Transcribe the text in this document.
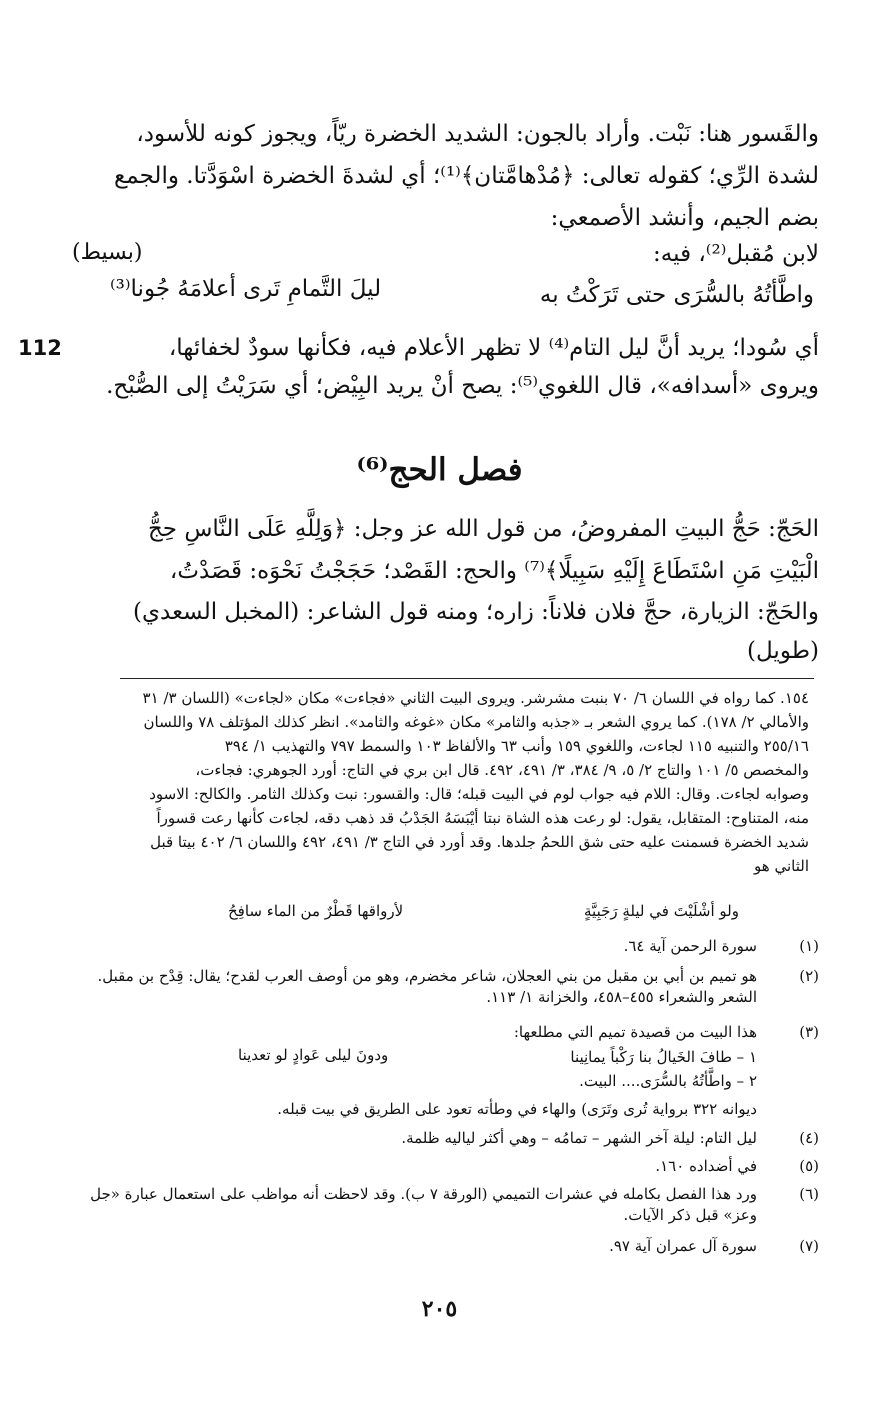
والقَسور هنا: نَبْت. وأراد بالجون: الشديد الخضرة ريّاً، ويجوز كونه للأسود،
لشدة الرِّي؛ كقوله تعالى: ﴿مُدْهامَّتان﴾⁽¹⁾؛ أي لشدةَ الخضرة اسْوَدَّتا. والجمع
بضم الجيم، وأنشد الأصمعي:
لابن مُقبل⁽²⁾، فيه:
(بسيط)
واطَّأتُهُ بالسُّرَى حتى تَرَكْتُ به
ليلَ التَّمامِ تَرى أعلامَهُ جُونا⁽³⁾
أي سُودا؛ يريد أنَّ ليل التام⁽⁴⁾ لا تظهر الأعلام فيه، فكأنها سودٌ لخفائها،
112
ويروى «أسدافه»، قال اللغوي⁽⁵⁾: يصح أنْ يريد البِيْض؛ أي سَرَيْتُ إلى الصُّبْح.
فصل الحج⁽⁶⁾
الحَجّ: حَجُّ البيتِ المفروضُ، من قول الله عز وجل: ﴿وَلِلَّهِ عَلَى النَّاسِ حِجُّ
الْبَيْتِ مَنِ اسْتَطَاعَ إِلَيْهِ سَبِيلًا﴾⁽⁷⁾ والحج: القَصْد؛ حَجَجْتُ نَحْوَه: قَصَدْتُ،
والحَجّ: الزيارة، حجَّ فلان فلاناً: زاره؛ ومنه قول الشاعر: (المخبل السعدي)
(طويل)
١٥٤. كما رواه في اللسان ٦/ ٧٠ بنبت مشرشر. ويروى البيت الثاني «فجاءت» مكان «لجاءت» (اللسان ٣/ ٣١
والأمالي ٢/ ١٧٨). كما يروي الشعر بـ «جذبه والثامر» مكان «غوغه والثامد». انظر كذلك المؤتلف ٧٨ واللسان
٢٥٥/١٦ والتنبيه ١١٥ لجاءت، واللغوي ١٥٩ وأنب ٦٣ والألفاظ ١٠٣ والسمط ٧٩٧ والتهذيب ١/ ٣٩٤
والمخصص ٥/ ١٠١ والتاج ٢/ ٥، ٩/ ٣٨٤، ٣/ ٤٩١، ٤٩٢. قال ابن بري في التاج: أورد الجوهري: فجاءت،
وصوابه لجاءت. وقال: اللام فيه جواب لوم في البيت قبله؛ قال: والقسور: نبت وكذلك الثامر. والكالح: الاسود
منه، المتناوح: المتقابل، يقول: لو رعت هذه الشاة نبتا أيْبَسَهُ الجَدْبُ قد ذهب دقه، لجاءت كأنها رعت قسوراً
شديد الخضرة فسمنت عليه حتى شق اللحمُ جلدها. وقد أورد في التاج ٣/ ٤٩١، ٤٩٢ واللسان ٦/ ٤٠٢ بيتا قبل
الثاني هو
ولو أشْلَيْتَ في ليلةٍ رَجَبِيَّةٍ
لأرواقها قَطْرٌ من الماء سافِحُ
(١)
سورة الرحمن آية ٦٤.
(٢)
هو تميم بن أبي بن مقبل من بني العجلان، شاعر مخضرم، وهو من أوصف العرب لقدح؛ يقال: قِدْح بن مقبل.
الشعر والشعراء ٤٥٥–٤٥٨، والخزانة ١/ ١١٣.
(٣)
هذا البيت من قصيدة تميم التي مطلعها:
١ – طافَ الخَيالُ بنا رَكْباً يمانِينا
ودونَ ليلى عَوادٍ لو تعدينا
٢ – واطَّأتُهُ بالسُّرَى.... البيت.
ديوانه ٣٢٢ برواية تُرى وتَرَى) والهاء في وطأته تعود على الطريق في بيت قبله.
(٤)
ليل التام: ليلة آخر الشهر – تمامُه – وهي أكثر لياليه ظلمة.
(٥)
في أضداده ١٦٠.
(٦)
ورد هذا الفصل بكامله في عشرات التميمي (الورقة ٧ ب). وقد لاحظت أنه مواظب على استعمال عبارة «جل
وعز» قبل ذكر الآيات.
(٧)
سورة آل عمران آية ٩٧.
٢٠٥
